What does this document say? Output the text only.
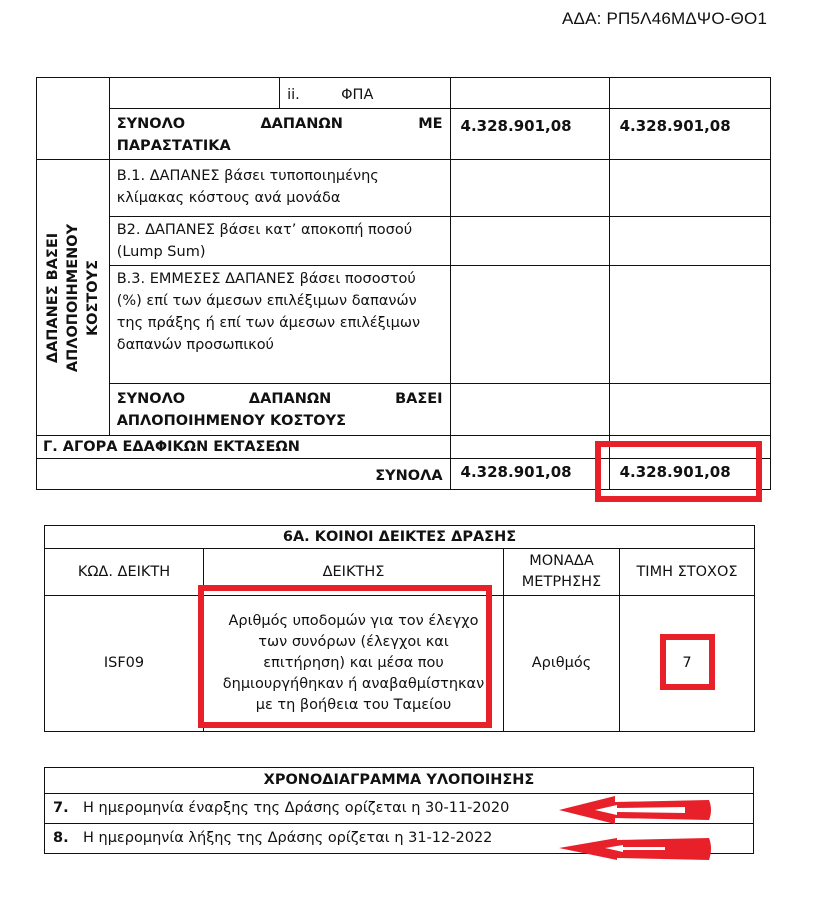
ΑΔΑ: ΡΠ5Λ46ΜΔΨΟ-ΘΟ1
		ii. ΦΠΑ		

	ΣΥΝΟΛΟ ΔΑΠΑΝΩΝ ΜΕ
ΠΑΡΑΣΤΑΤΙΚΑ		4.328.901,08	4.328.901,08

ΔΑΠΑΝΕΣ ΒΑΣΕΙ ΑΠΛΟΠΟΙΗΜΕΝΟΥ ΚΟΣΤΟΥΣ	Β.1. ΔΑΠΑΝΕΣ βάσει τυποποιημένης κλίμακας κόστους ανά μονάδα			
	Β2. ΔΑΠΑΝΕΣ βάσει κατ’ αποκοπή ποσού (Lump Sum)			
	Β.3. ΕΜΜΕΣΕΣ ΔΑΠΑΝΕΣ βάσει ποσοστού (%) επί των άμεσων επιλέξιμων δαπανών της πράξης ή επί των άμεσων επιλέξιμων δαπανών προσωπικού			

	ΣΥΝΟΛΟ ΔΑΠΑΝΩΝ ΒΑΣΕΙ
ΑΠΛΟΠΟΙΗΜΕΝΟΥ ΚΟΣΤΟΥΣ			

Γ. ΑΓΟΡΑ ΕΔΑΦΙΚΩΝ ΕΚΤΑΣΕΩΝ				
ΣΥΝΟΛΑ			4.328.901,08	4.328.901,08
6Α. ΚΟΙΝΟΙ ΔΕΙΚΤΕΣ ΔΡΑΣΗΣ			
ΚΩΔ. ΔΕΙΚΤΗ	ΔΕΙΚΤΗΣ	ΜΟΝΑΔΑ ΜΕΤΡΗΣΗΣ	ΤΙΜΗ ΣΤΟΧΟΣ
ISF09	Αριθμός υποδομών για τον έλεγχο των συνόρων (έλεγχοι και επιτήρηση) και μέσα που δημιουργήθηκαν ή αναβαθμίστηκαν με τη βοήθεια του Ταμείου	Αριθμός	7
ΧΡΟΝΟΔΙΑΓΡΑΜΜΑ ΥΛΟΠΟΙΗΣΗΣ
7. Η ημερομηνία έναρξης της Δράσης ορίζεται η 30-11-2020
8. Η ημερομηνία λήξης της Δράσης ορίζεται η 31-12-2022
